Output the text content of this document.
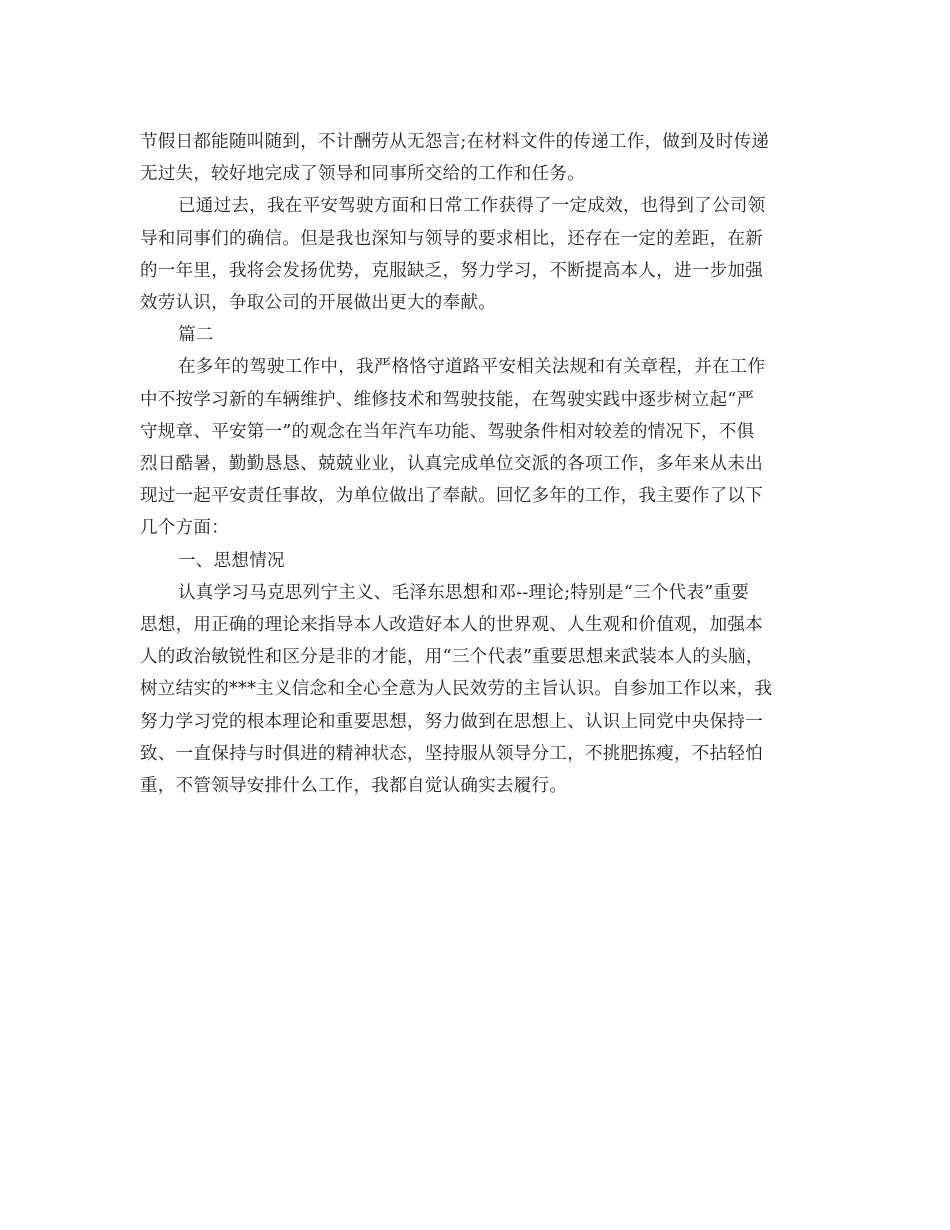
节假日都能随叫随到，不计酬劳从无怨言;在材料文件的传递工作，做到及时传递
无过失，较好地完成了领导和同事所交给的工作和任务。
已通过去，我在平安驾驶方面和日常工作获得了一定成效，也得到了公司领
导和同事们的确信。但是我也深知与领导的要求相比，还存在一定的差距，在新
的一年里，我将会发扬优势，克服缺乏，努力学习，不断提高本人，进一步加强
效劳认识，争取公司的开展做出更大的奉献。
篇二
在多年的驾驶工作中，我严格恪守道路平安相关法规和有关章程，并在工作
中不按学习新的车辆维护、维修技术和驾驶技能，在驾驶实践中逐步树立起“严
守规章、平安第一”的观念在当年汽车功能、驾驶条件相对较差的情况下，不俱
烈日酷暑，勤勤恳恳、兢兢业业，认真完成单位交派的各项工作，多年来从未出
现过一起平安责任事故，为单位做出了奉献。回忆多年的工作，我主要作了以下
几个方面：
一、思想情况
认真学习马克思列宁主义、毛泽东思想和邓--理论;特别是“三个代表”重要
思想，用正确的理论来指导本人改造好本人的世界观、人生观和价值观，加强本
人的政治敏锐性和区分是非的才能，用“三个代表”重要思想来武装本人的头脑，
树立结实的***主义信念和全心全意为人民效劳的主旨认识。自参加工作以来，我
努力学习党的根本理论和重要思想，努力做到在思想上、认识上同党中央保持一
致、一直保持与时俱进的精神状态，坚持服从领导分工，不挑肥拣瘦，不拈轻怕
重，不管领导安排什么工作，我都自觉认确实去履行。
